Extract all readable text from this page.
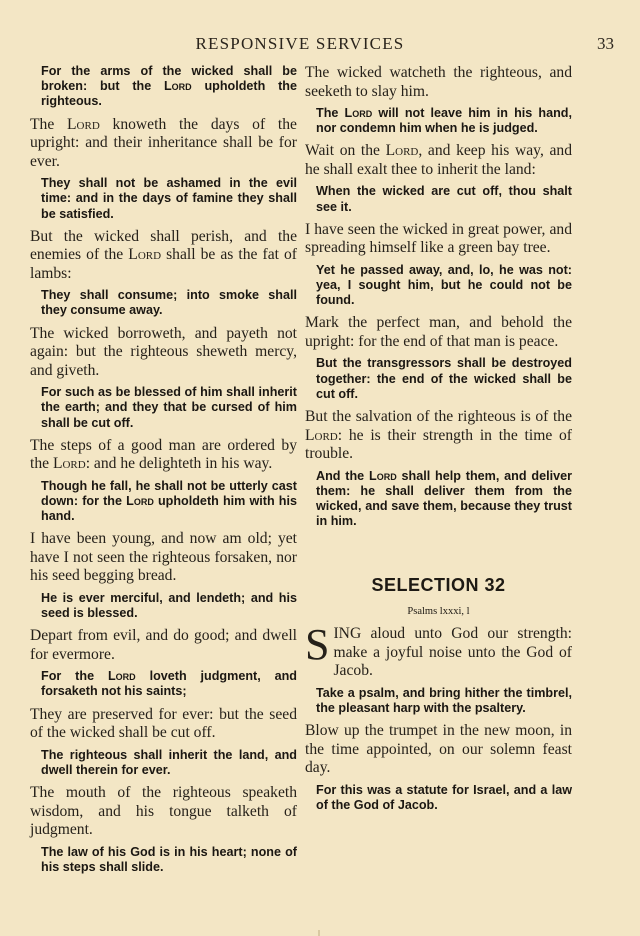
RESPONSIVE SERVICES	33

For the arms of the wicked shall be broken: but the Lord upholdeth the righteous.

The Lord knoweth the days of the upright: and their inheritance shall be for ever.

They shall not be ashamed in the evil time: and in the days of famine they shall be satisfied.

But the wicked shall perish, and the enemies of the Lord shall be as the fat of lambs:

They shall consume; into smoke shall they consume away.

The wicked borroweth, and payeth not again: but the righteous sheweth mercy, and giveth.

For such as be blessed of him shall inherit the earth; and they that be cursed of him shall be cut off.

The steps of a good man are ordered by the Lord: and he delighteth in his way.

Though he fall, he shall not be utterly cast down: for the Lord upholdeth him with his hand.

I have been young, and now am old; yet have I not seen the righteous forsaken, nor his seed begging bread.

He is ever merciful, and lendeth; and his seed is blessed.

Depart from evil, and do good; and dwell for evermore.

For the Lord loveth judgment, and forsaketh not his saints;

They are preserved for ever: but the seed of the wicked shall be cut off.

The righteous shall inherit the land, and dwell therein for ever.

The mouth of the righteous speaketh wisdom, and his tongue talketh of judgment.

The law of his God is in his heart; none of his steps shall slide.

The wicked watcheth the righteous, and seeketh to slay him.

The Lord will not leave him in his hand, nor condemn him when he is judged.

Wait on the Lord, and keep his way, and he shall exalt thee to inherit the land:

When the wicked are cut off, thou shalt see it.

I have seen the wicked in great power, and spreading himself like a green bay tree.

Yet he passed away, and, lo, he was not: yea, I sought him, but he could not be found.

Mark the perfect man, and behold the upright: for the end of that man is peace.

But the transgressors shall be destroyed together: the end of the wicked shall be cut off.

But the salvation of the righteous is of the Lord: he is their strength in the time of trouble.

And the Lord shall help them, and deliver them: he shall deliver them from the wicked, and save them, because they trust in him.

SELECTION 32
Psalms lxxxi, l

SING aloud unto God our strength: make a joyful noise unto the God of Jacob.

Take a psalm, and bring hither the timbrel, the pleasant harp with the psaltery.

Blow up the trumpet in the new moon, in the time appointed, on our solemn feast day.

For this was a statute for Israel, and a law of the God of Jacob.
